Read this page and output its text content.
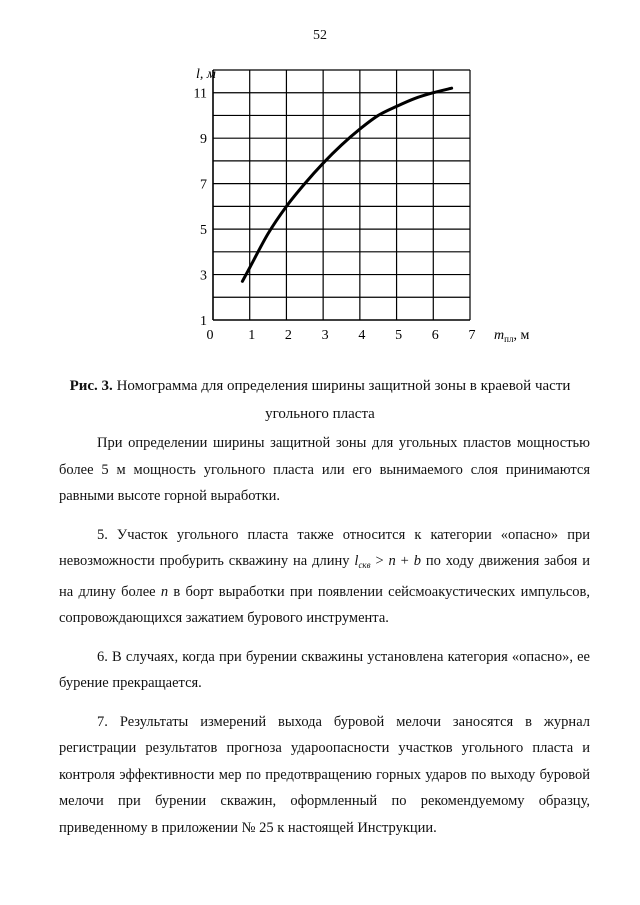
52
0 1 2 3 4 5 6 7
1
3
5
7
9
11
l, м
$m_{пл}$, м
Рис. 3. Номограмма для определения ширины защитной зоны в краевой части угольного пласта

При определении ширины защитной зоны для угольных пластов мощностью более 5 м мощность угольного пласта или его вынимаемого слоя принимаются равными высоте горной выработки.

5. Участок угольного пласта также относится к категории «опасно» при невозможности пробурить скважину на длину $l_{скв} > n + b$ по ходу движения забоя и на длину более n в борт выработки при появлении сейсмоакустических импульсов, сопровождающихся зажатием бурового инструмента.

6. В случаях, когда при бурении скважины установлена категория «опасно», ее бурение прекращается.

7. Результаты измерений выхода буровой мелочи заносятся в журнал регистрации результатов прогноза удароопасности участков угольного пласта и контроля эффективности мер по предотвращению горных ударов по выходу буровой мелочи при бурении скважин, оформленный по рекомендуемому образцу, приведенному в приложении № 25 к настоящей Инструкции.
